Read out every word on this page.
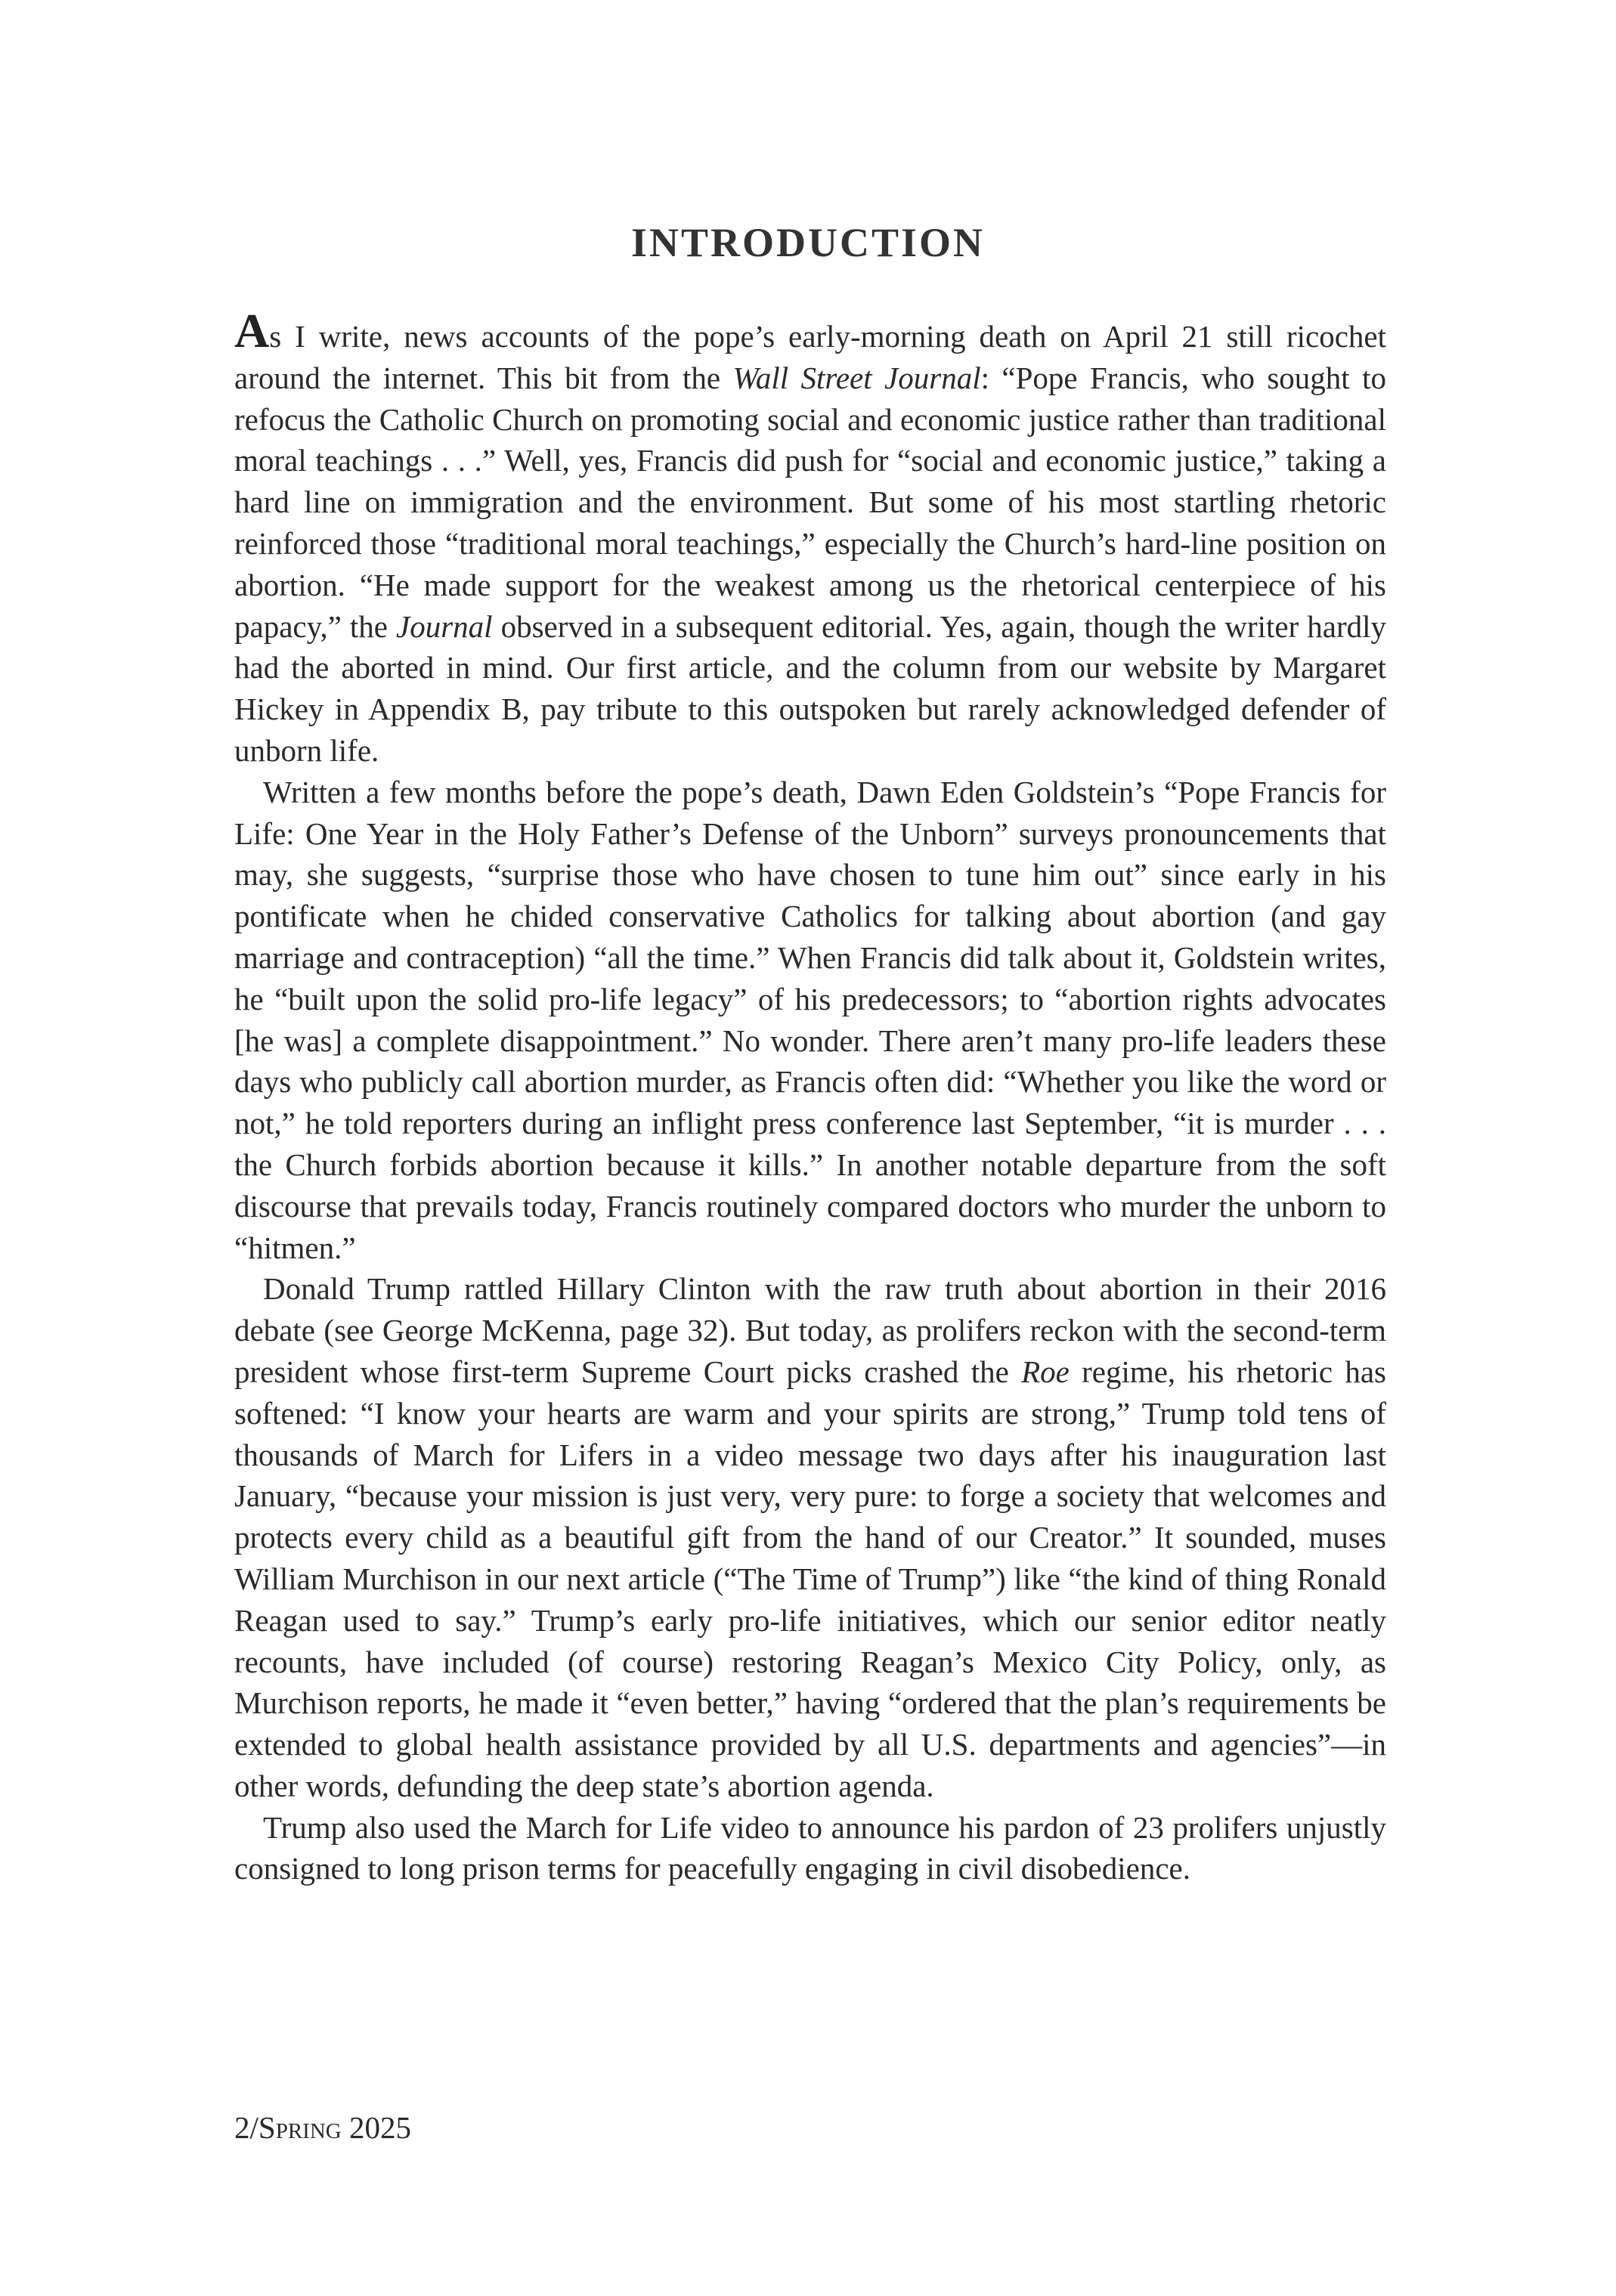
INTRODUCTION

As I write, news accounts of the pope’s early-morning death on April 21 still ricochet around the internet. This bit from the Wall Street Journal: “Pope Francis, who sought to refocus the Catholic Church on promoting social and economic justice rather than traditional moral teachings . . .” Well, yes, Francis did push for “social and economic justice,” taking a hard line on immigration and the environment. But some of his most startling rhetoric reinforced those “traditional moral teachings,” especially the Church’s hard-line position on abortion. “He made support for the weakest among us the rhetorical centerpiece of his papacy,” the Journal observed in a subsequent editorial. Yes, again, though the writer hardly had the aborted in mind. Our first article, and the column from our website by Margaret Hickey in Appendix B, pay tribute to this outspoken but rarely acknowledged defender of unborn life.

Written a few months before the pope’s death, Dawn Eden Goldstein’s “Pope Francis for Life: One Year in the Holy Father’s Defense of the Unborn” surveys pronouncements that may, she suggests, “surprise those who have chosen to tune him out” since early in his pontificate when he chided conservative Catholics for talking about abortion (and gay marriage and contraception) “all the time.” When Francis did talk about it, Goldstein writes, he “built upon the solid pro-life legacy” of his predecessors; to “abortion rights advocates [he was] a complete disappointment.” No wonder. There aren’t many pro-life leaders these days who publicly call abortion murder, as Francis often did: “Whether you like the word or not,” he told reporters during an inflight press conference last September, “it is murder . . . the Church forbids abortion because it kills.” In another notable departure from the soft discourse that prevails today, Francis routinely compared doctors who murder the unborn to “hitmen.”

Donald Trump rattled Hillary Clinton with the raw truth about abortion in their 2016 debate (see George McKenna, page 32). But today, as prolifers reckon with the second-term president whose first-term Supreme Court picks crashed the Roe regime, his rhetoric has softened: “I know your hearts are warm and your spirits are strong,” Trump told tens of thousands of March for Lifers in a video message two days after his inauguration last January, “because your mission is just very, very pure: to forge a society that welcomes and protects every child as a beautiful gift from the hand of our Creator.” It sounded, muses William Murchison in our next article (“The Time of Trump”) like “the kind of thing Ronald Reagan used to say.” Trump’s early pro-life initiatives, which our senior editor neatly recounts, have included (of course) restoring Reagan’s Mexico City Policy, only, as Murchison reports, he made it “even better,” having “ordered that the plan’s requirements be extended to global health assistance provided by all U.S. departments and agencies”—in other words, defunding the deep state’s abortion agenda.

Trump also used the March for Life video to announce his pardon of 23 prolifers unjustly consigned to long prison terms for peacefully engaging in civil disobedience.

2/Spring 2025
